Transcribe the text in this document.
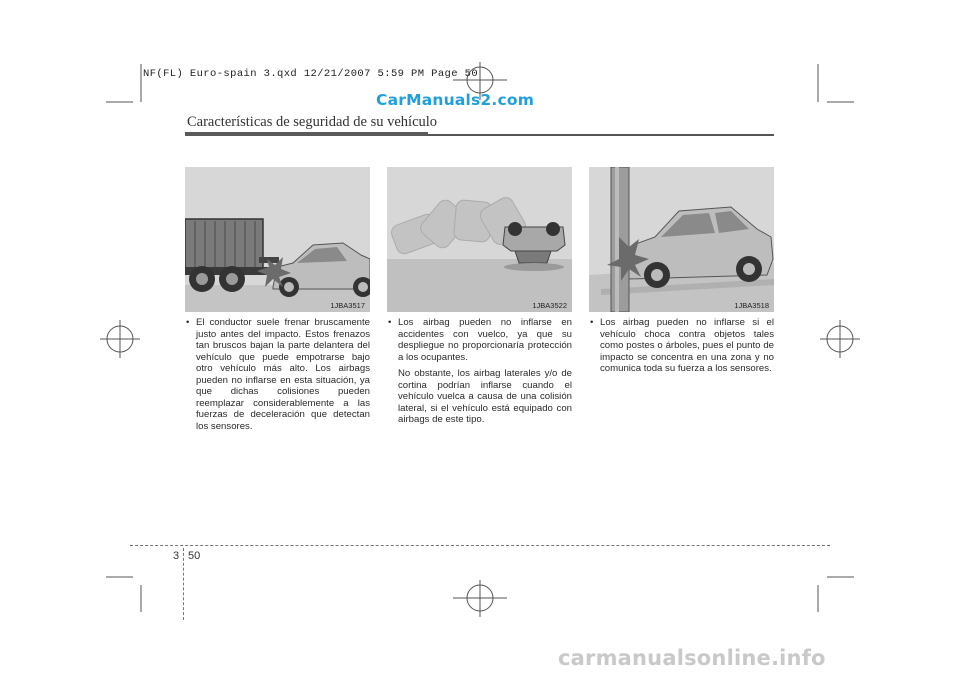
NF(FL) Euro-spain 3.qxd 12/21/2007 5:59 PM Page 50
CarManuals2.com
Características de seguridad de su vehículo
1JBA3517	1JBA3522	1JBA3518

• El conductor suele frenar bruscamente justo antes del impacto. Estos frenazos tan bruscos bajan la parte delantera del vehículo que puede empotrarse bajo otro vehículo más alto. Los airbags pueden no inflarse en esta situación, ya que dichas colisiones pueden reemplazar considerablemente a las fuerzas de deceleración que detectan los sensores.

• Los airbag pueden no inflarse en accidentes con vuelco, ya que su despliegue no proporcionaría protección a los ocupantes.

No obstante, los airbag laterales y/o de cortina podrían inflarse cuando el vehículo vuelca a causa de una colisión lateral, si el vehículo está equipado con airbags de este tipo.

• Los airbag pueden no inflarse si el vehículo choca contra objetos tales como postes o árboles, pues el punto de impacto se concentra en una zona y no comunica toda su fuerza a los sensores.

3 50
carmanualsonline.info
